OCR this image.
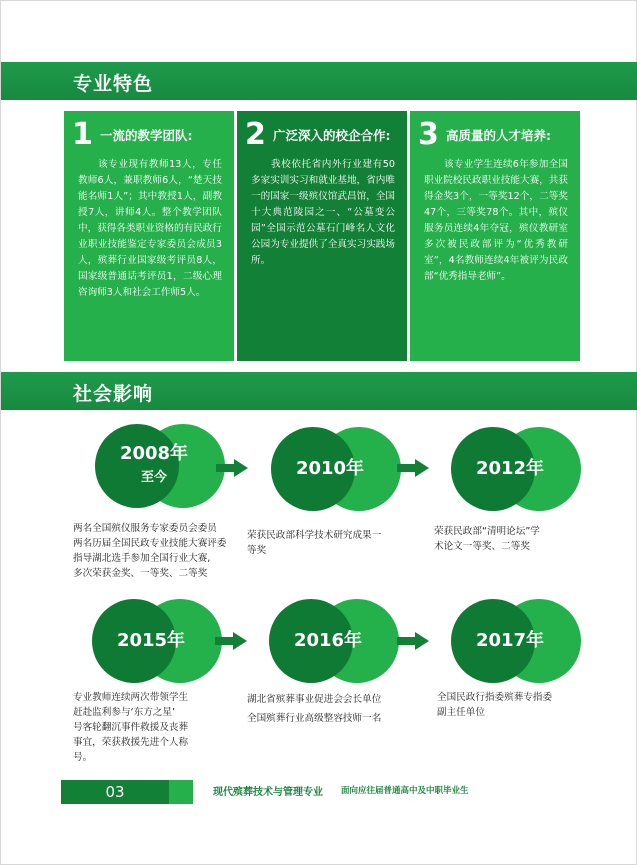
专业特色
1 一流的教学团队:
该专业现有教师13人，专任教师6人，兼职教师6人，“楚天技能名师1人”；其中教授1人，副教授7人，讲师4人。整个教学团队中，获得各类职业资格的有民政行业职业技能鉴定专家委员会成员3人，殡葬行业国家级考评员8人，国家级普通话考评员1，二级心理咨询师3人和社会工作师5人。
2 广泛深入的校企合作:
我校依托省内外行业建有50多家实训实习和就业基地，省内唯一的国家一级殡仪馆武昌馆，全国十大典范陵园之一、“公墓变公园”全国示范公墓石门峰名人文化公园为专业提供了全真实习实践场所。
3 高质量的人才培养:
该专业学生连续6年参加全国职业院校民政职业技能大赛，共获得金奖3个，一等奖12个，二等奖47个，三等奖78个。其中，殡仪服务员连续4年夺冠，殡仪教研室多次被民政部评为“优秀教研室”，4名教师连续4年被评为民政部“优秀指导老师”。
社会影响
2008年
至今	2010年	2012年
两名全国殡仪服务专家委员会委员
两名历届全国民政专业技能大赛评委
指导湖北选手参加全国行业大赛,
多次荣获金奖、一等奖、二等奖
荣获民政部科学技术研究成果一
等奖
荣获民政部“清明论坛”学
术论文一等奖、二等奖
2015年	2016年	2017年
专业教师连续两次带领学生
赶赴监利参与‘东方之星’
号客轮翻沉事件救援及丧葬
事宜，荣获救援先进个人称
号。
湖北省殡葬事业促进会会长单位
全国殡葬行业高级整容技师一名
全国民政行指委殡葬专指委
副主任单位
03	现代殡葬技术与管理专业 面向应往届普通高中及中职毕业生
